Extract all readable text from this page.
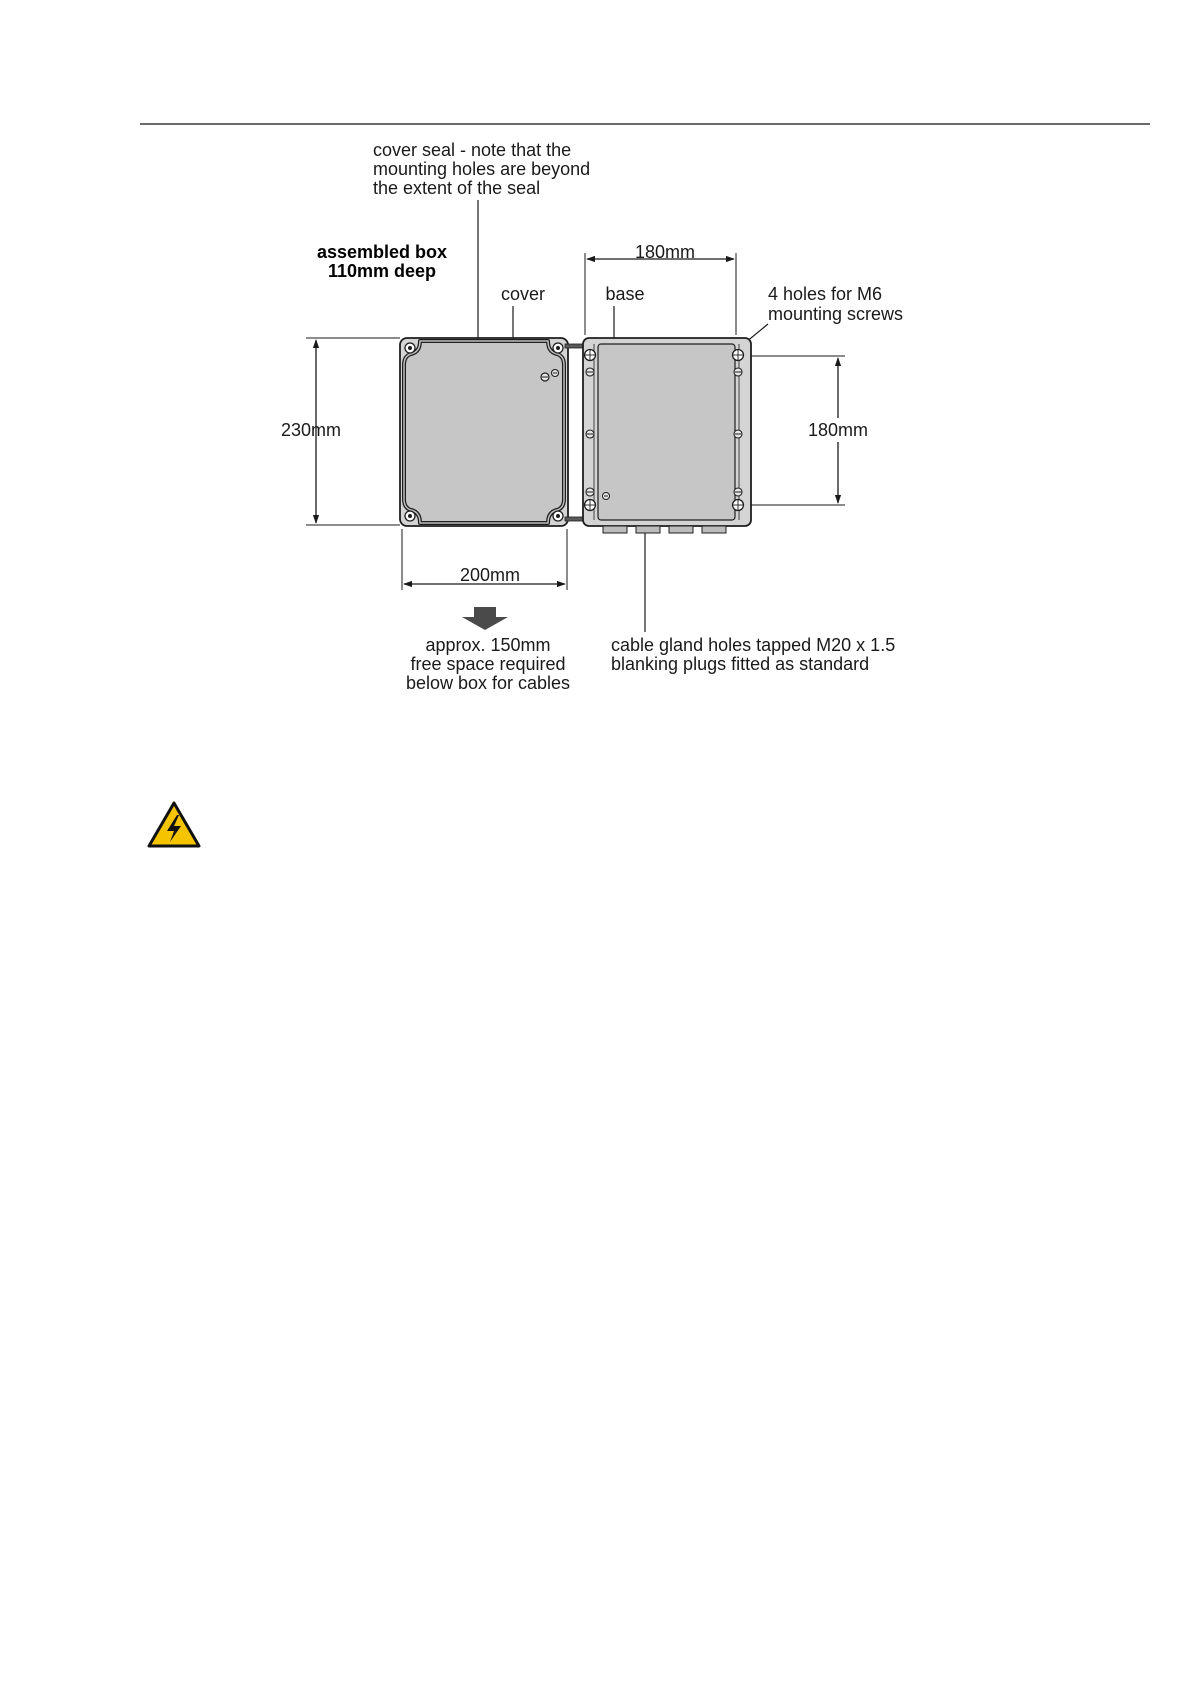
cover seal - note that the
mounting holes are beyond
the extent of the seal
assembled box
110mm deep
cover	base	4 holes for M6
mounting screws
180mm
230mm	180mm
200mm
approx. 150mm
free space required
below box for cables
cable gland holes tapped M20 x 1.5
blanking plugs fitted as standard
